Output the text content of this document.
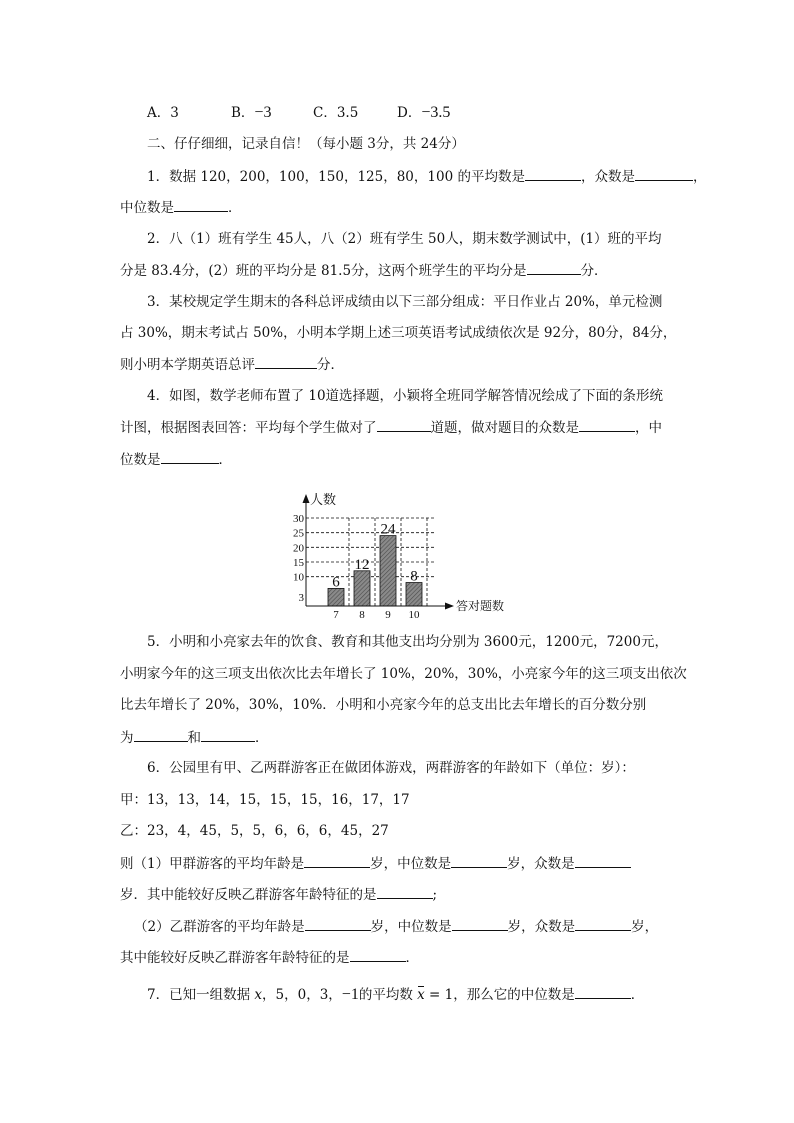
A．3	B．−3	C．3.5	D．−3.5
二、仔仔细细，记录自信！（每小题 3分，共 24分）
1．数据 120，200，100，150，125，80，100 的平均数是	，众数是	，
中位数是	．
2．八（1）班有学生 45人，八（2）班有学生 50人，期末数学测试中，(1）班的平均
分是 83.4分，(2）班的平均分是 81.5分，这两个班学生的平均分是	分．
3．某校规定学生期末的各科总评成绩由以下三部分组成：平日作业占 20%，单元检测
占 30%，期末考试占 50%，小明本学期上述三项英语考试成绩依次是 92分，80分，84分，
则小明本学期英语总评	分．
4．如图，数学老师布置了 10道选择题，小颖将全班同学解答情况绘成了下面的条形统
计图，根据图表回答：平均每个学生做对了	道题，做对题目的众数是	，中
位数是	．
3
10
15
20
25
30
7 8 9 10
6
12
24
8
人数
答对题数
5．小明和小亮家去年的饮食、教育和其他支出均分别为 3600元，1200元，7200元，
小明家今年的这三项支出依次比去年增长了 10%，20%，30%，小亮家今年的这三项支出依次
比去年增长了 20%，30%，10%．小明和小亮家今年的总支出比去年增长的百分数分别
为	和	．
6．公园里有甲、乙两群游客正在做团体游戏，两群游客的年龄如下（单位：岁）：
甲：13，13，14，15，15，15，16，17，17
乙：23，4，45，5，5，6，6，6，45，27
则（1）甲群游客的平均年龄是	岁，中位数是	岁，众数是
岁．其中能较好反映乙群游客年龄特征的是	;
（2）乙群游客的平均年龄是	岁，中位数是	岁，众数是	岁，
其中能较好反映乙群游客年龄特征的是	．
7．已知一组数据 x，5，0，3，−1的平均数 x = 1，那么它的中位数是	．
